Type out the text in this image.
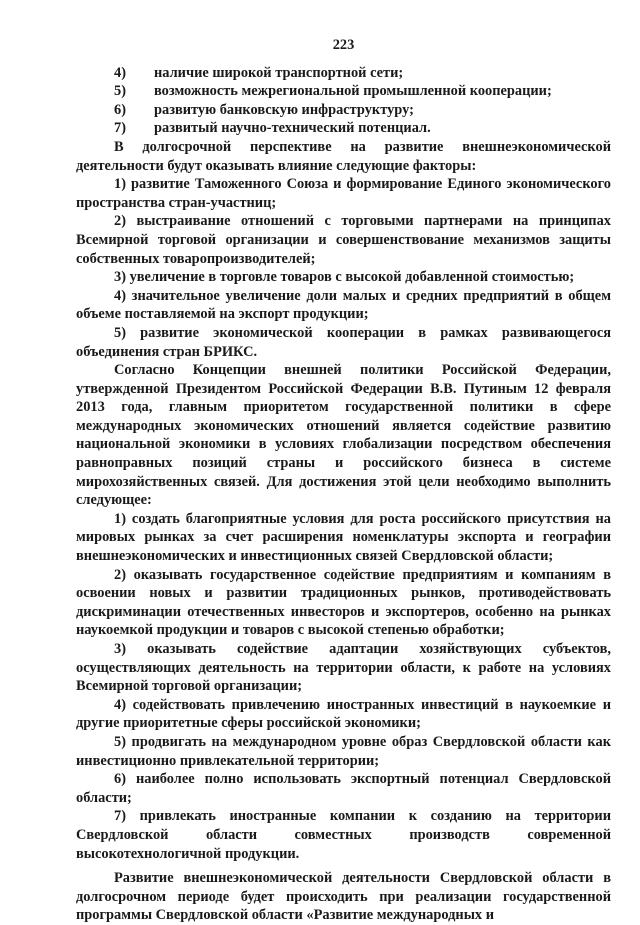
223
4)	наличие широкой транспортной сети;
5)	возможность межрегиональной промышленной кооперации;
6)	развитую банковскую инфраструктуру;
7)	развитый научно-технический потенциал.

В долгосрочной перспективе на развитие внешнеэкономической деятельности будут оказывать влияние следующие факторы:

1) развитие Таможенного Союза и формирование Единого экономического пространства стран-участниц;

2) выстраивание отношений с торговыми партнерами на принципах Всемирной торговой организации и совершенствование механизмов защиты собственных товаропроизводителей;

3) увеличение в торговле товаров с высокой добавленной стоимостью;

4) значительное увеличение доли малых и средних предприятий в общем объеме поставляемой на экспорт продукции;

5) развитие экономической кооперации в рамках развивающегося объединения стран БРИКС.

Согласно Концепции внешней политики Российской Федерации, утвержденной Президентом Российской Федерации В.В. Путиным 12 февраля 2013 года, главным приоритетом государственной политики в сфере международных экономических отношений является содействие развитию национальной экономики в условиях глобализации посредством обеспечения равноправных позиций страны и российского бизнеса в системе мирохозяйственных связей. Для достижения этой цели необходимо выполнить следующее:

1) создать благоприятные условия для роста российского присутствия на мировых рынках за счет расширения номенклатуры экспорта и географии внешнеэкономических и инвестиционных связей Свердловской области;

2) оказывать государственное содействие предприятиям и компаниям в освоении новых и развитии традиционных рынков, противодействовать дискриминации отечественных инвесторов и экспортеров, особенно на рынках наукоемкой продукции и товаров с высокой степенью обработки;

3) оказывать содействие адаптации хозяйствующих субъектов, осуществляющих деятельность на территории области, к работе на условиях Всемирной торговой организации;

4) содействовать привлечению иностранных инвестиций в наукоемкие и другие приоритетные сферы российской экономики;

5) продвигать на международном уровне образ Свердловской области как инвестиционно привлекательной территории;

6) наиболее полно использовать экспортный потенциал Свердловской области;

7) привлекать иностранные компании к созданию на территории Свердловской области совместных производств современной высокотехнологичной продукции.

Развитие внешнеэкономической деятельности Свердловской области в долгосрочном периоде будет происходить при реализации государственной программы Свердловской области «Развитие международных и
